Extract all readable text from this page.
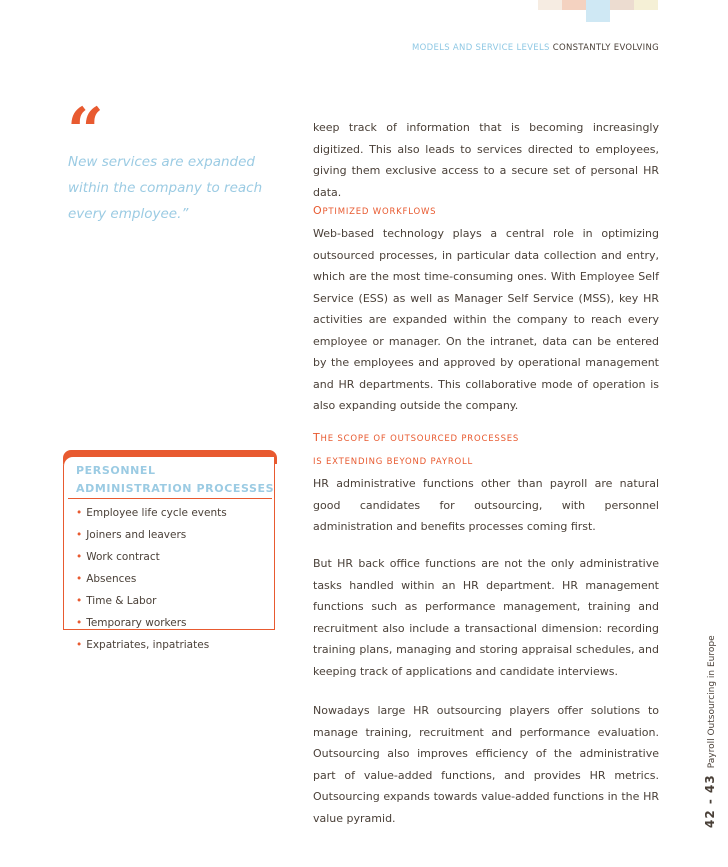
MODELS AND SERVICE LEVELS CONSTANTLY EVOLVING
“
New services are expanded within the company to reach every employee.”
PERSONNEL ADMINISTRATION PROCESSES
• Employee life cycle events
• Joiners and leavers
• Work contract
• Absences
• Time & Labor
• Temporary workers
• Expatriates, inpatriates

keep track of information that is becoming increasingly digitized. This also leads to services directed to employees, giving them exclusive access to a secure set of personal HR data.

OPTIMIZED WORKFLOWS

Web-based technology plays a central role in optimizing outsourced processes, in particular data collection and entry, which are the most time-consuming ones. With Employee Self Service (ESS) as well as Manager Self Service (MSS), key HR activities are expanded within the company to reach every employee or manager. On the intranet, data can be entered by the employees and approved by operational management and HR departments. This collaborative mode of operation is also expanding outside the company.

THE SCOPE OF OUTSOURCED PROCESSES

IS EXTENDING BEYOND PAYROLL

HR administrative functions other than payroll are natural good candidates for outsourcing, with personnel administration and benefits processes coming first.

But HR back office functions are not the only administrative tasks handled within an HR department. HR management functions such as performance management, training and recruitment also include a transactional dimension: recording training plans, managing and storing appraisal schedules, and keeping track of applications and candidate interviews.

Nowadays large HR outsourcing players offer solutions to manage training, recruitment and performance evaluation. Outsourcing also improves efficiency of the administrative part of value-added functions, and provides HR metrics. Outsourcing expands towards value-added functions in the HR value pyramid.	42 - 43Payroll Outsourcing in Europe
